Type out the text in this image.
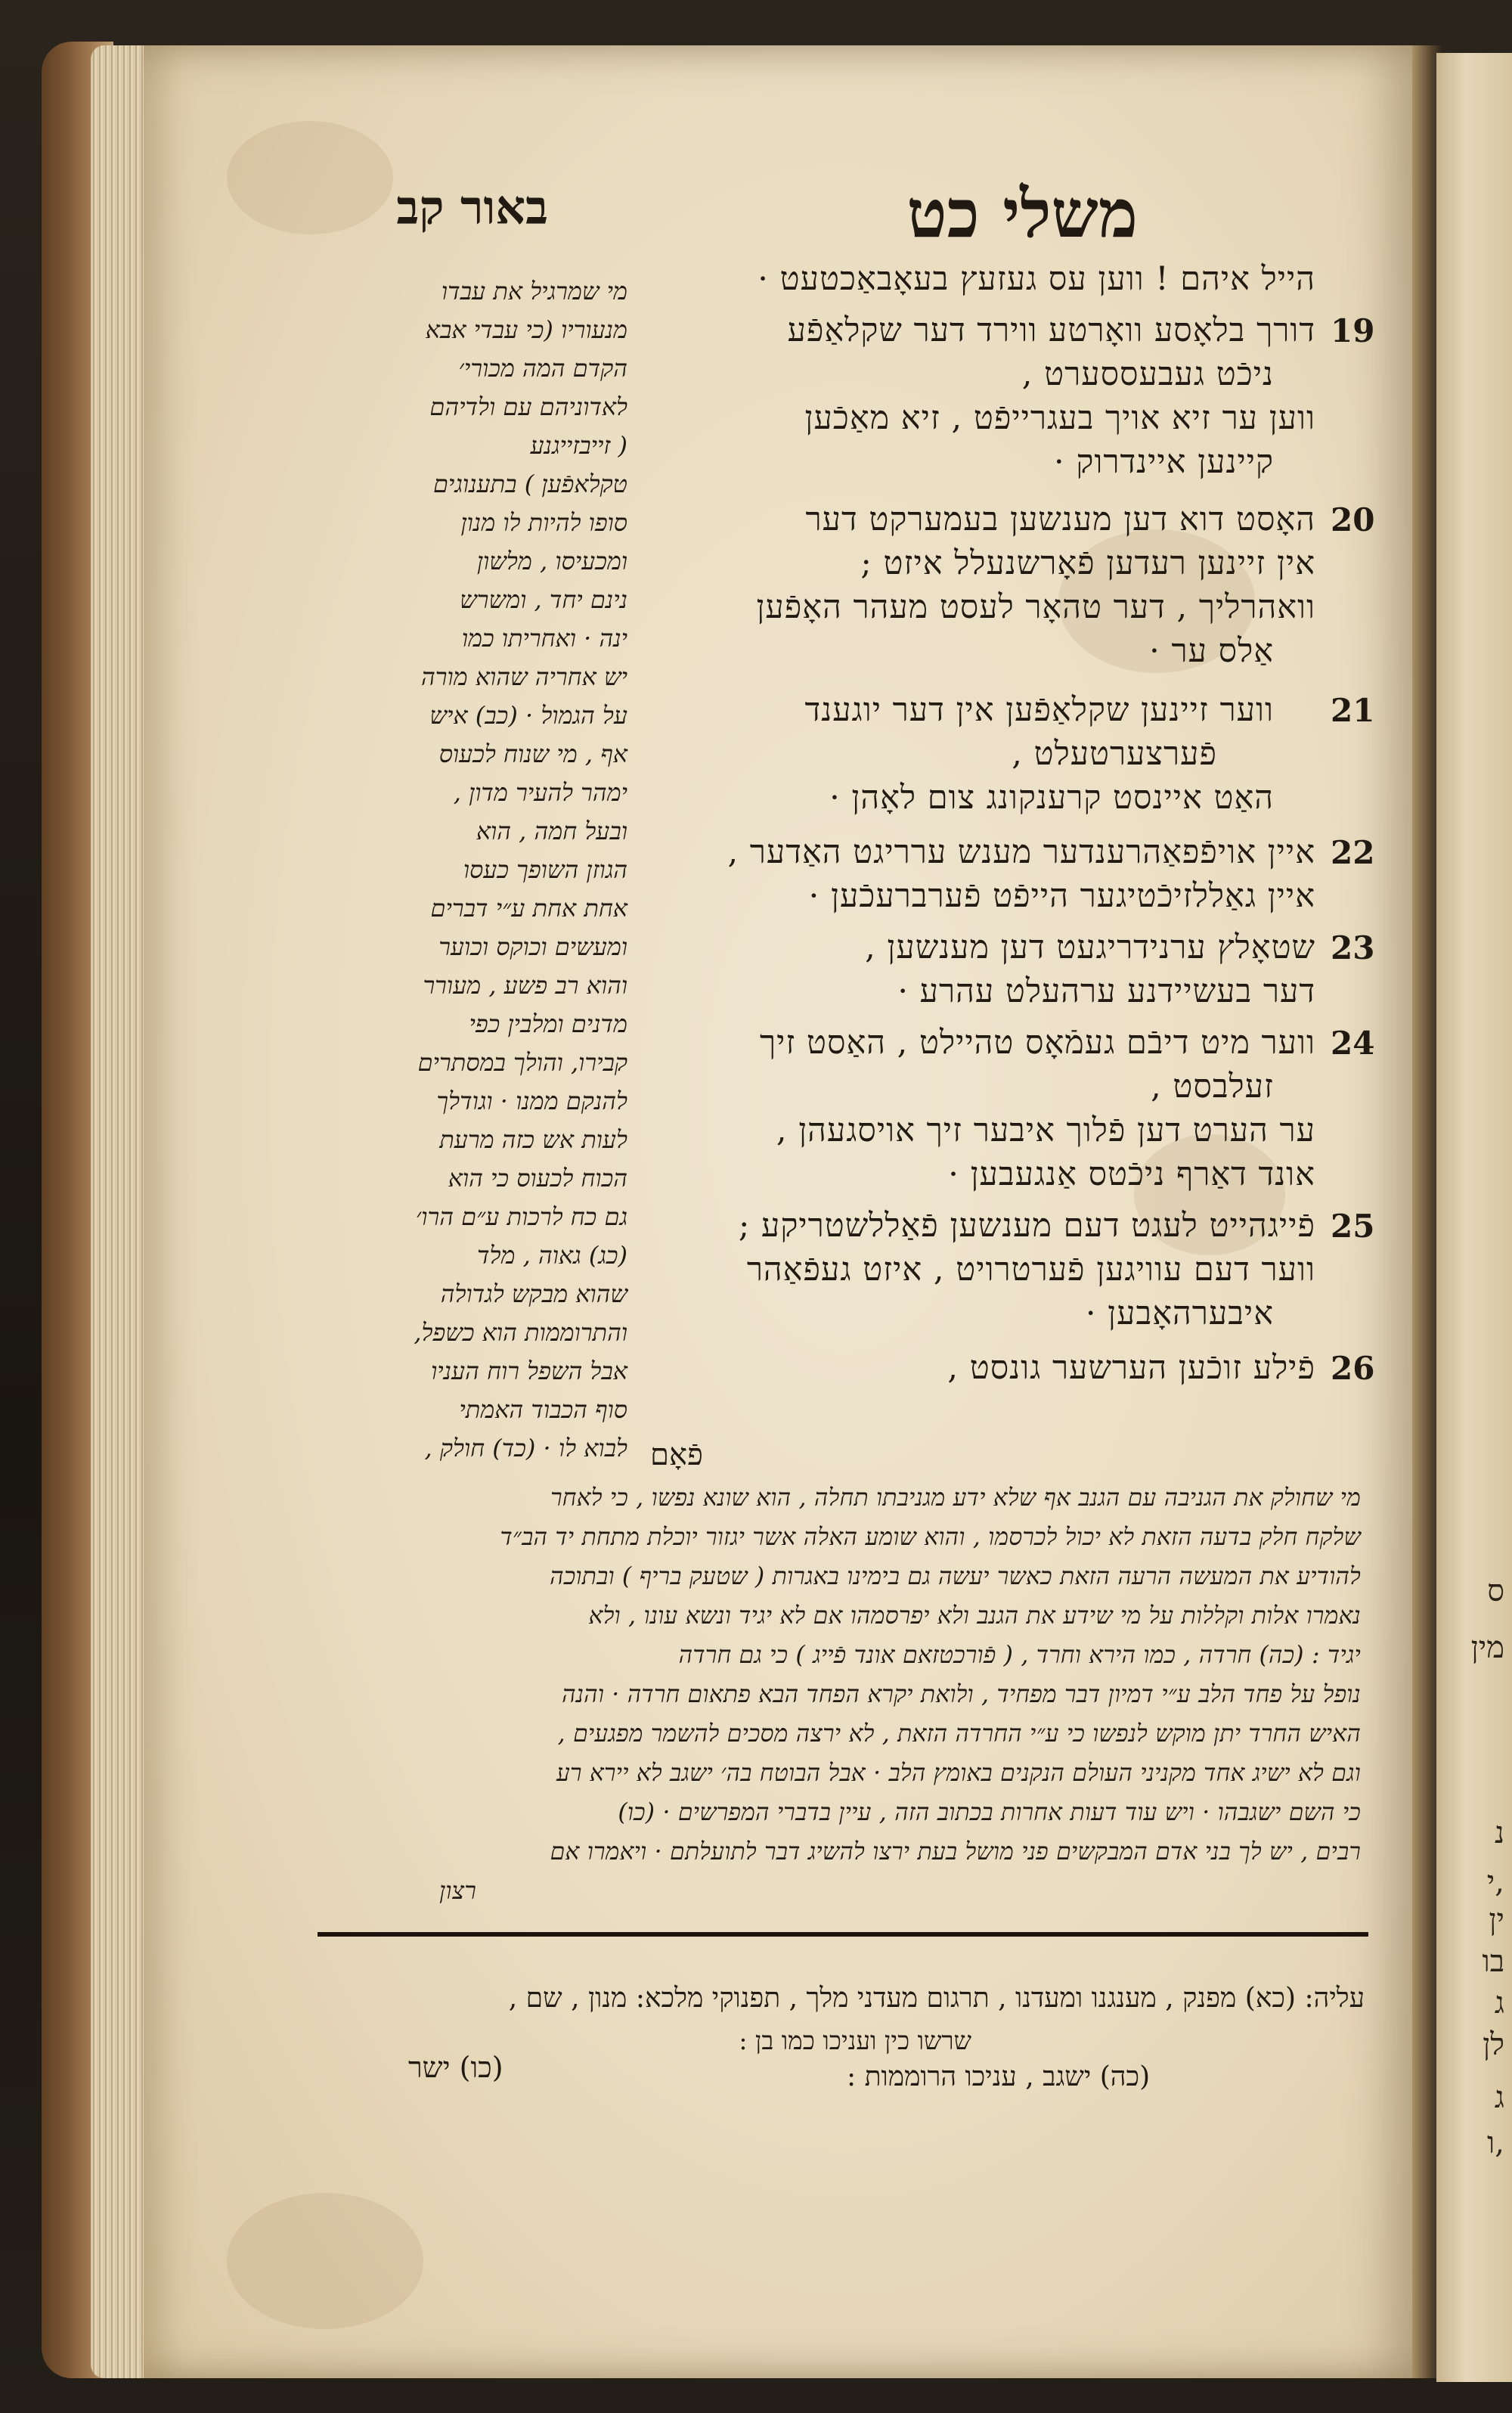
ס
מין
נ
י,
ין
בו
ג
לן
ג
ו,
משלי כט
באור קב
הייל איהם ! ווען עס געזעץ בעאָבאַכטעט ·
19
דורך בלאָסע וואָרטע ווירד דער שקלאַפֿע
ניכֿט געבעססערט ,
ווען ער זיא אויך בעגרייפֿט , זיא מאַכֿען
קיינען איינדרוק ·
20
האָסט דוא דען מענשען בעמערקט דער
אין זיינען רעדען פֿאָרשנעלל איזט ;
וואהרליך , דער טהאָר לעסט מעהר האָפֿען
אַלס ער ·
21
ווער זיינען שקלאַפֿען אין דער יוגענד
פֿערצערטעלט ,
האַט איינסט קרענקונג צום לאָהן ·
22
איין אויפֿפאַהרענדער מענש ערריגט האַדער ,
איין גאַללזיכֿטיגער הייפֿט פֿערברעכֿען ·
23
שטאָלץ ערנידריגעט דען מענשען ,
דער בעשיידנע ערהעלט עהרע ·
24
ווער מיט דיבֿם געמֿאָס טהיילט , האַסט זיך
זעלבסט ,
ער הערט דען פֿלוך איבער זיך אויסגעהן ,
אונד דאַרף ניכֿטס אַנגעבען ·
25
פֿייגהייט לעגט דעם מענשען פֿאַללשטריקע ;
ווער דעם עוויגען פֿערטרויט , איזט געפֿאַהר
איבערהאָבען ·
26
פֿילע זוכֿען הערשער גונסט ,
מי שמרגיל את עבדו
מנעוריו (כי עבדי אבא
הקדם המה מכורי׳
לאדוניהם עם ולדיהם
( זייבזייגנע
טקלאפֿען ) בתענוגים
סופו להיות לו מנון
ומכעיסו , מלשון
נינם יחד , ומשרש
ינה · ואחריתו כמו
יש אחריה שהוא מורה
על הגמול · (כב) איש
אף , מי שנוח לכעוס
ימהר להעיר מדון ,
ובעל חמה , הוא
הגוזן השופך כעסו
אחת אחת ע״י דברים
ומעשים וכוקס וכוער
והוא רב פשע , מעורר
מדנים ומלבין כפי
קבירו, והולך במסתרים
להנקם ממנו · וגודלך
לעות אש כזה מרעת
הכוח לכעוס כי הוא
גם כח לרכות ע״ם הרו׳
(כג) גאוה , מלד
שהוא מבקש לגדולה
והתרוממות הוא כשפל,
אבל השפל רוח העניו
סוף הכבוד האמתי
לבוא לו · (כד) חולק , פֿאָם
מי שחולק את הגניבה עם הגנב אף שלא ידע מגניבתו תחלה , הוא שונא נפשו , כי לאחר
שלקח חלק בדעה הזאת לא יכול לכרסמו , והוא שומע האלה אשר יגזור יוכלת מתחת יד הב״ד
להודיע את המעשה הרעה הזאת כאשר יעשה גם בימינו באגרות ( שטעק בריף ) ובתוכה
נאמרו אלות וקללות על מי שידע את הגנב ולא יפרסמהו אם לא יגיד ונשא עונו , ולא
יגיד : (כה) חרדה , כמו הירא וחרד , ( פֿורכטזאם אונד פֿייג ) כי גם חרדה
נופל על פחד הלב ע״י דמיון דבר מפחיד , ולואת יקרא הפחד הבא פתאום חרדה · והנה
האיש החרד יתן מוקש לנפשו כי ע״י החרדה הזאת , לא ירצה מסכים להשמר מפגעים ,
וגם לא ישיג אחד מקניני העולם הנקנים באומץ הלב · אבל הבוטח בה׳ ישגב לא יירא רע
כי השם ישגבהו · ויש עוד דעות אחרות בכתוב הזה , עיין בדברי המפרשים · (כו)
רבים , יש לך בני אדם המבקשים פני מושל בעת ירצו להשיג דבר לתועלתם · ויאמרו אם
רצון
עליה: (כא) מפנק , מענגנו ומעדנו , תרגום מעדני מלך , תפנוקי מלכא: מנון , שם ,
שרשו כין ועניכו כמו בן :
(כה) ישגב , עניכו הרוממות :
(כו) ישר
